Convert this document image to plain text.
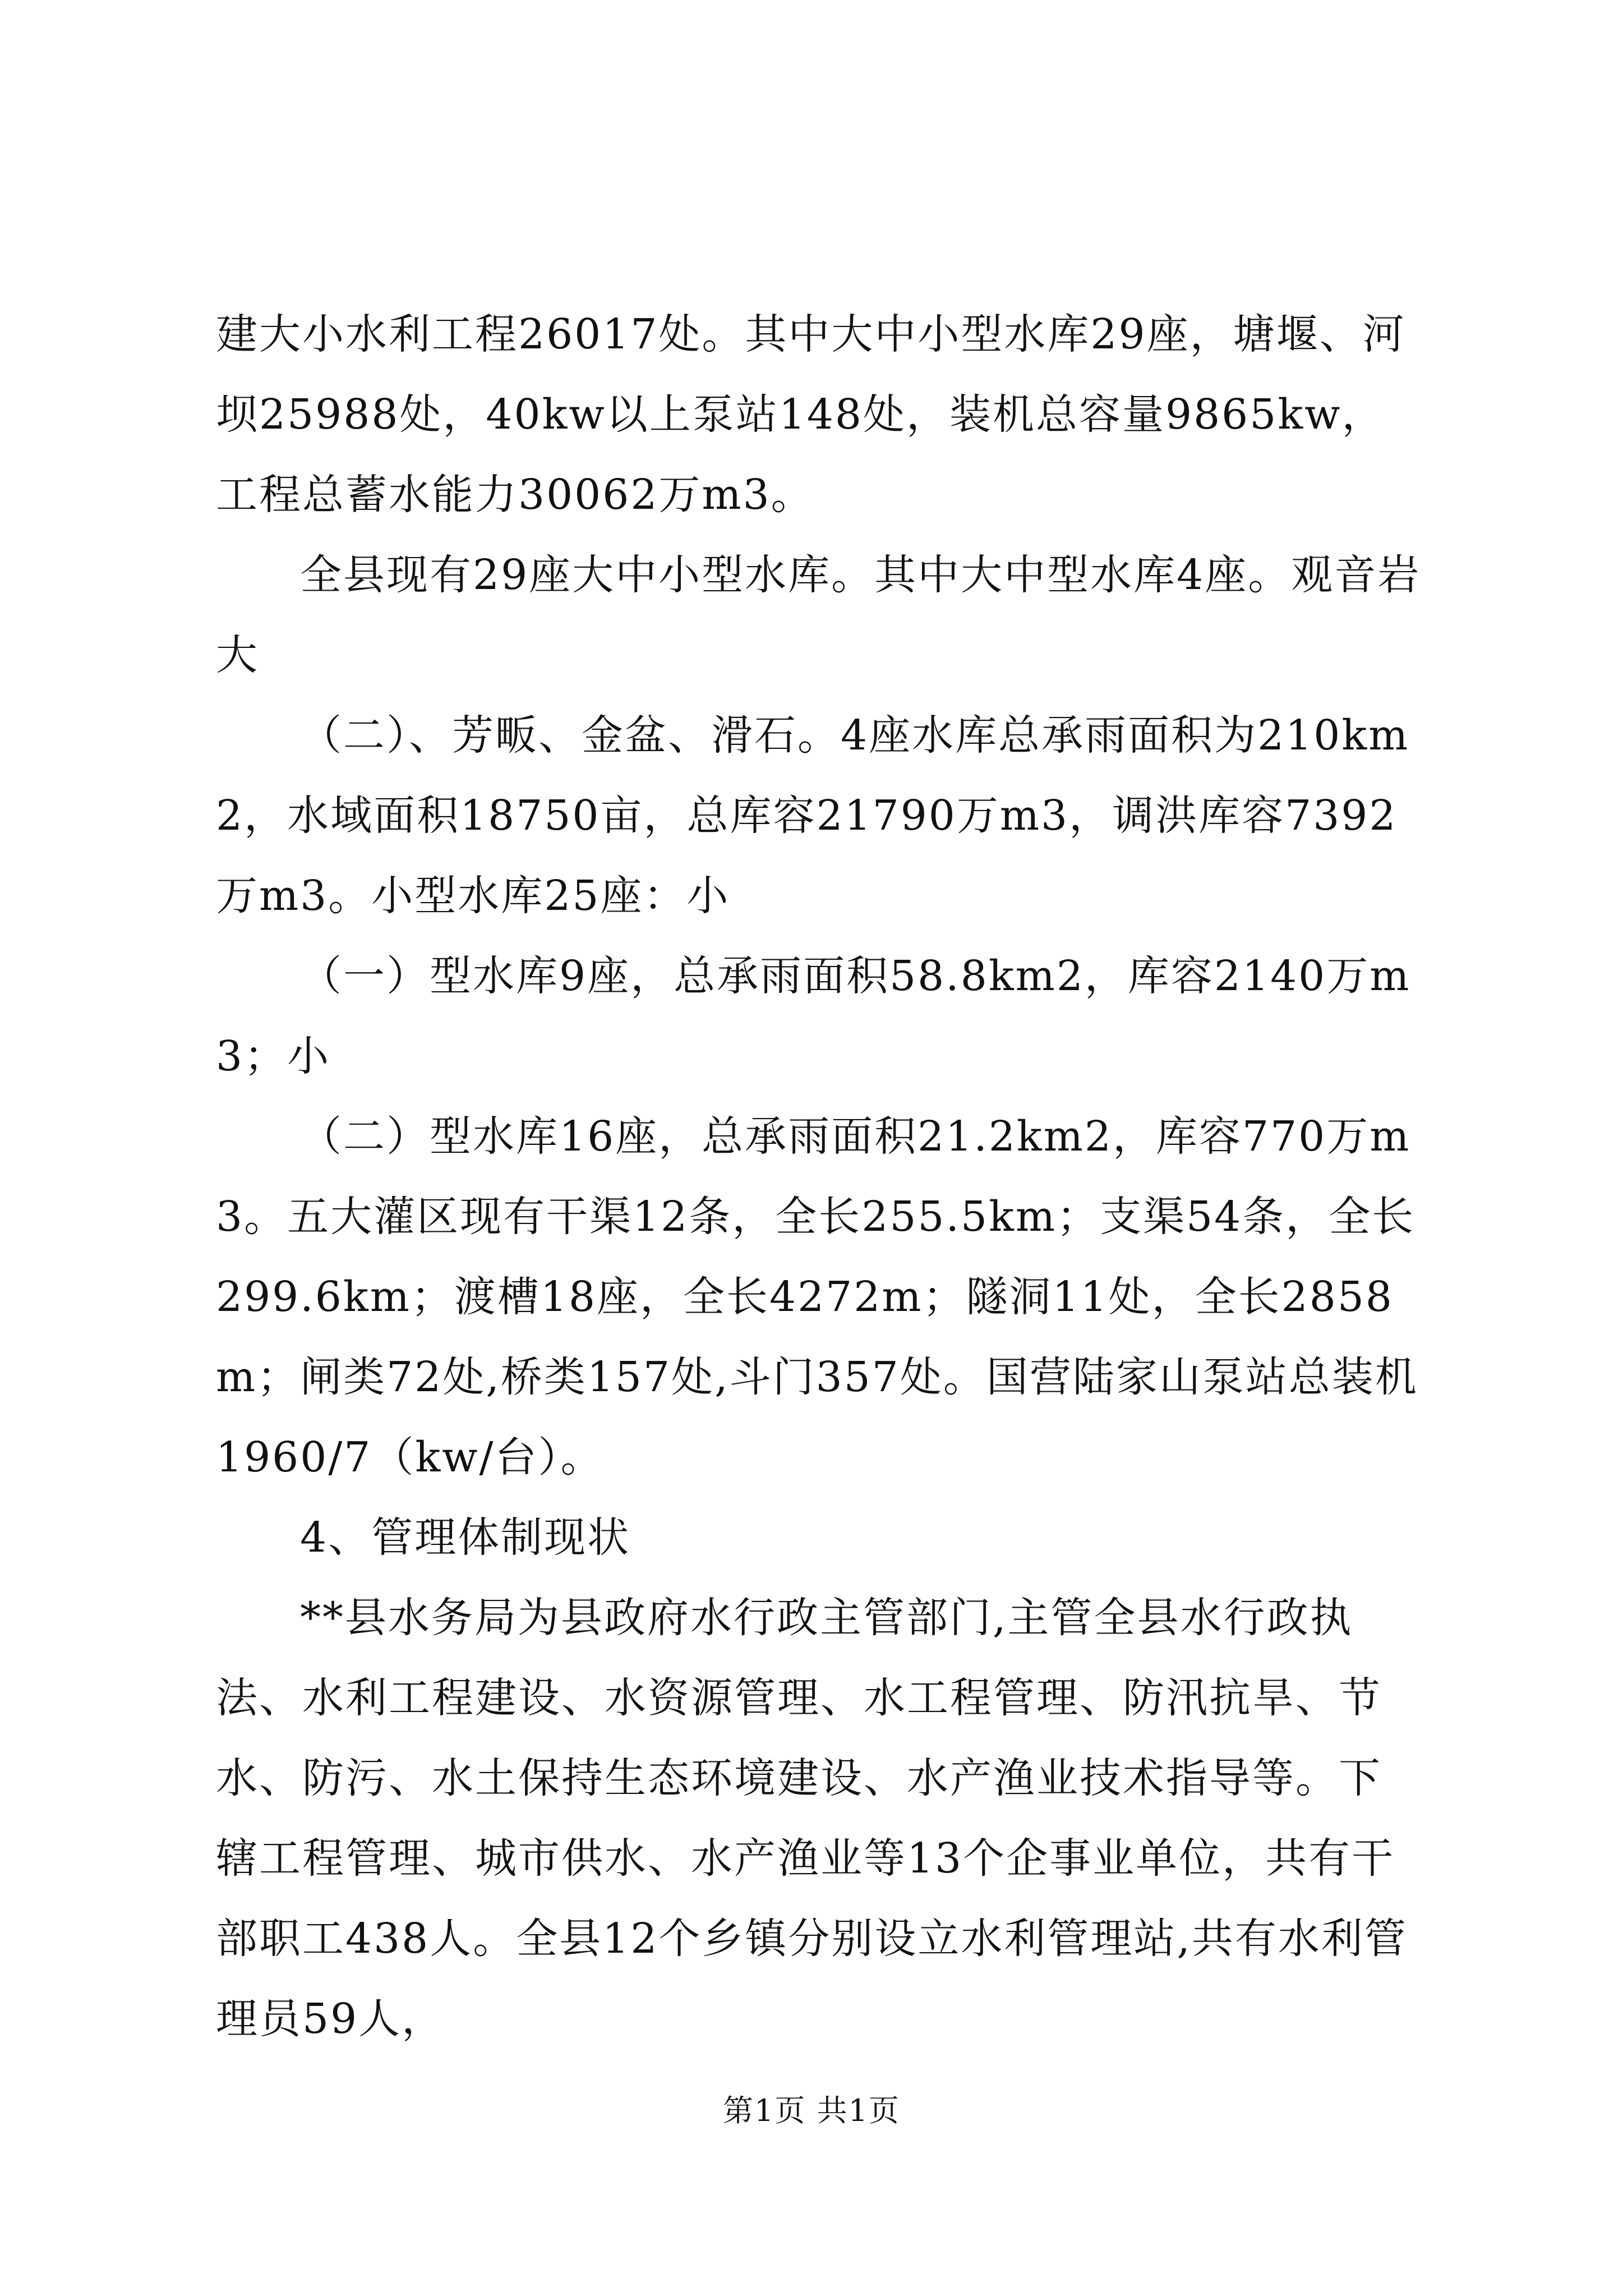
建大小水利工程26017处。其中大中小型水库29座，塘堰、河坝25988处，40kw以上泵站148处，装机总容量9865kw，工程总蓄水能力30062万m3。

全县现有29座大中小型水库。其中大中型水库4座。观音岩大

（二）、芳畈、金盆、滑石。4座水库总承雨面积为210km2，水域面积18750亩，总库容21790万m3，调洪库容7392万m3。小型水库25座：小

（一）型水库9座，总承雨面积58.8km2，库容2140万m3；小

（二）型水库16座，总承雨面积21.2km2，库容770万m3。五大灌区现有干渠12条，全长255.5km；支渠54条，全长299.6km；渡槽18座，全长4272m；隧洞11处，全长2858m；闸类72处,桥类157处,斗门357处。国营陆家山泵站总装机1960/7（kw/台）。

4、管理体制现状

**县水务局为县政府水行政主管部门,主管全县水行政执法、水利工程建设、水资源管理、水工程管理、防汛抗旱、节水、防污、水土保持生态环境建设、水产渔业技术指导等。下辖工程管理、城市供水、水产渔业等13个企事业单位，共有干部职工438人。全县12个乡镇分别设立水利管理站,共有水利管理员59人，

第1页 共1页
